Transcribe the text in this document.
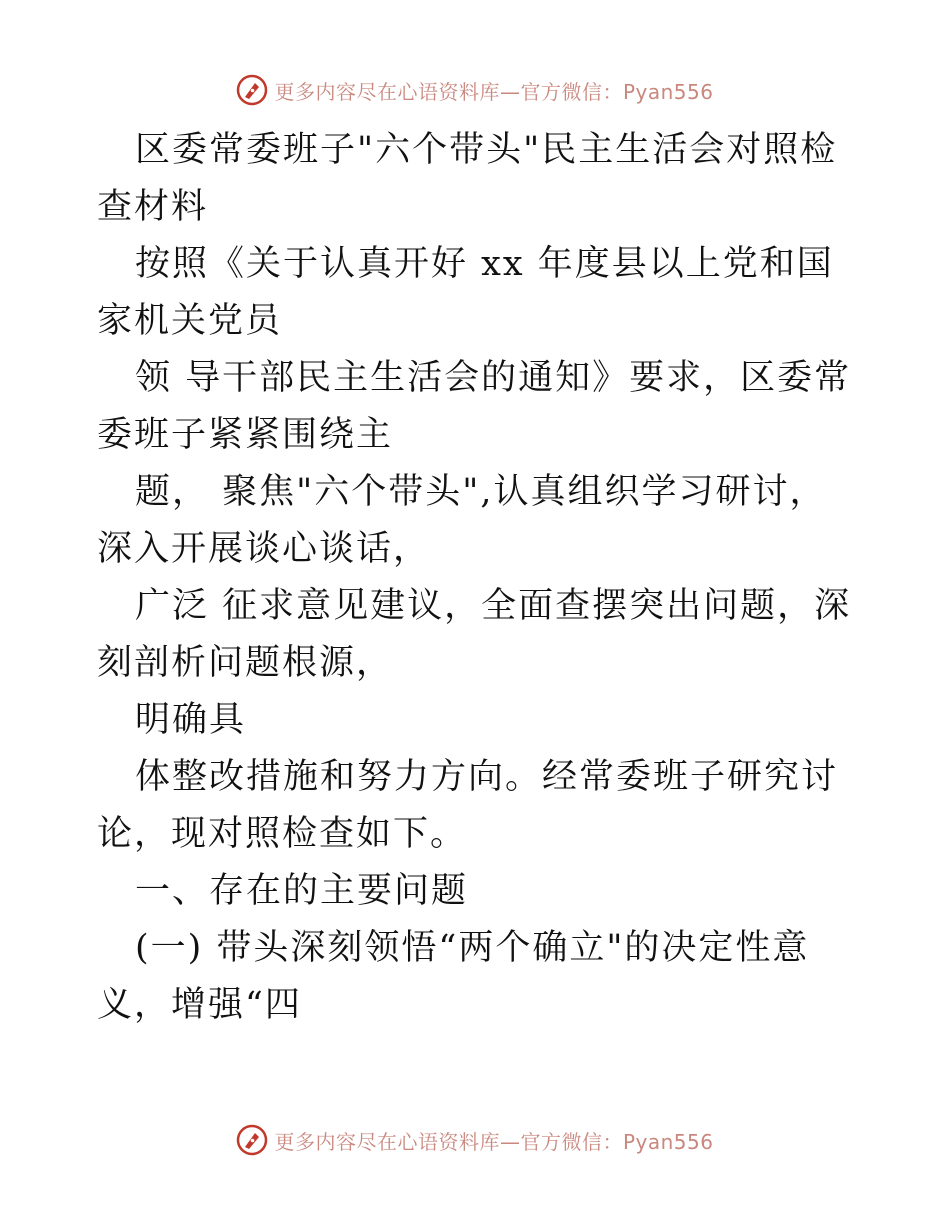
更多内容尽在心语资料库—官方微信：Pyan556

区委常委班子"六个带头"民主生活会对照检查材料

按照《关于认真开好 xx 年度县以上党和国家机关党员

领 导干部民主生活会的通知》要求，区委常委班子紧紧围绕主

题， 聚焦"六个带头",认真组织学习研讨，深入开展谈心谈话，

广泛 征求意见建议，全面查摆突出问题，深刻剖析问题根源，

明确具

体整改措施和努力方向。经常委班子研究讨论，现对照检查如下。

一、存在的主要问题

(一) 带头深刻领悟“两个确立"的决定性意义，增强“四

更多内容尽在心语资料库—官方微信：Pyan556
